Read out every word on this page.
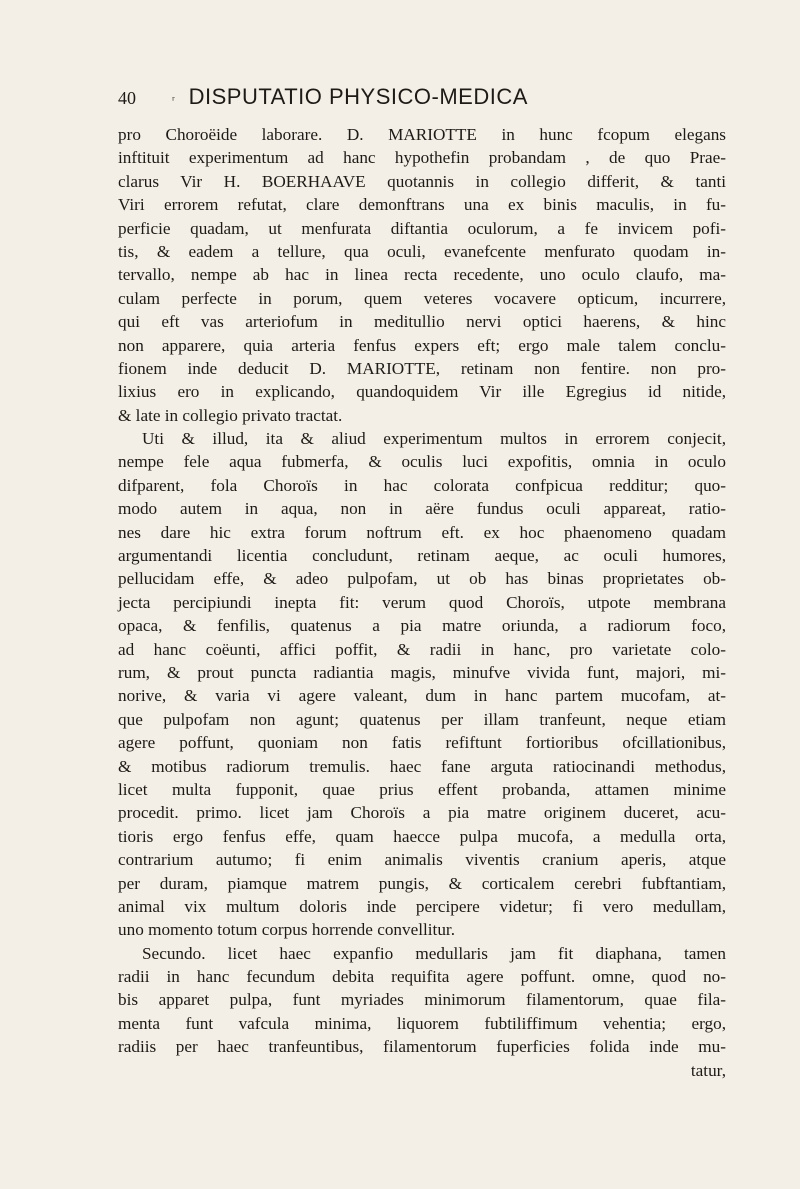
40	ʳ DISPUTATIO PHYSICO-MEDICA
pro Choroëide laborare. D. MARIOTTE in hunc fcopum elegans
inftituit experimentum ad hanc hypothefin probandam , de quo Prae-
clarus Vir H. BOERHAAVE quotannis in collegio differit, & tanti
Viri errorem refutat, clare demonftrans una ex binis maculis, in fu-
perficie quadam, ut menfurata diftantia oculorum, a fe invicem pofi-
tis, & eadem a tellure, qua oculi, evanefcente menfurato quodam in-
tervallo, nempe ab hac in linea recta recedente, uno oculo claufo, ma-
culam perfecte in porum, quem veteres vocavere opticum, incurrere,
qui eft vas arteriofum in meditullio nervi optici haerens, & hinc
non apparere, quia arteria fenfus expers eft; ergo male talem conclu-
fionem inde deducit D. MARIOTTE, retinam non fentire. non pro-
lixius ero in explicando, quandoquidem Vir ille Egregius id nitide,
& late in collegio privato tractat.
Uti & illud, ita & aliud experimentum multos in errorem conjecit,
nempe fele aqua fubmerfa, & oculis luci expofitis, omnia in oculo
difparent, fola Choroïs in hac colorata confpicua redditur; quo-
modo autem in aqua, non in aëre fundus oculi appareat, ratio-
nes dare hic extra forum noftrum eft. ex hoc phaenomeno quadam
argumentandi licentia concludunt, retinam aeque, ac oculi humores,
pellucidam effe, & adeo pulpofam, ut ob has binas proprietates ob-
jecta percipiundi inepta fit: verum quod Choroïs, utpote membrana
opaca, & fenfilis, quatenus a pia matre oriunda, a radiorum foco,
ad hanc coëunti, affici poffit, & radii in hanc, pro varietate colo-
rum, & prout puncta radiantia magis, minufve vivida funt, majori, mi-
norive, & varia vi agere valeant, dum in hanc partem mucofam, at-
que pulpofam non agunt; quatenus per illam tranfeunt, neque etiam
agere poffunt, quoniam non fatis refiftunt fortioribus ofcillationibus,
& motibus radiorum tremulis. haec fane arguta ratiocinandi methodus,
licet multa fupponit, quae prius effent probanda, attamen minime
procedit. primo. licet jam Choroïs a pia matre originem duceret, acu-
tioris ergo fenfus effe, quam haecce pulpa mucofa, a medulla orta,
contrarium autumo; fi enim animalis viventis cranium aperis, atque
per duram, piamque matrem pungis, & corticalem cerebri fubftantiam,
animal vix multum doloris inde percipere videtur; fi vero medullam,
uno momento totum corpus horrende convellitur.
Secundo. licet haec expanfio medullaris jam fit diaphana, tamen
radii in hanc fecundum debita requifita agere poffunt. omne, quod no-
bis apparet pulpa, funt myriades minimorum filamentorum, quae fila-
menta funt vafcula minima, liquorem fubtiliffimum vehentia; ergo,
radiis per haec tranfeuntibus, filamentorum fuperficies folida inde mu-
tatur,
